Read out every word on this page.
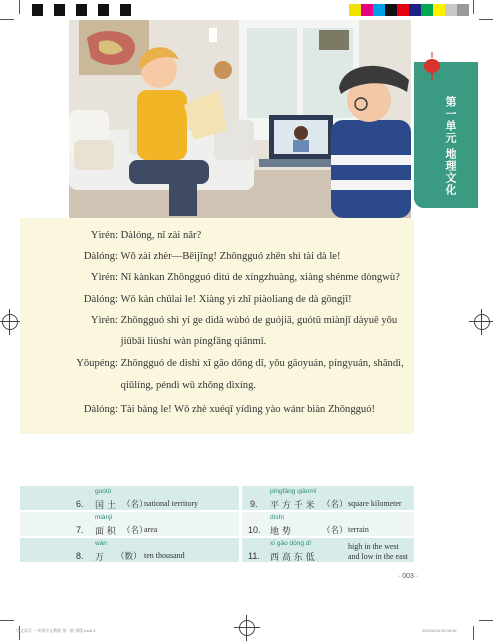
第一单元 地理文化
Yìrén: Dàlóng, nǐ zài nǎr?
Dàlóng: Wǒ zài zhèr—Běijīng! Zhōngguó zhēn shì tài dà le!
Yìrén: Nǐ kànkan Zhōngguó dìtú de xíngzhuàng, xiàng shénme dòngwù?
Dàlóng: Wǒ kàn chūlai le! Xiàng yì zhī piàoliang de dà gōngjī!
Yìrén: Zhōngguó shì yí ge dìdà wùbó de guójiā, guótǔ miànjī dàyuē yǒu
jiǔbǎi liùshí wàn píngfāng qiānmǐ.
Yǒupéng: Zhōngguó de dìshì xī gāo dōng dī, yǒu gāoyuán, píngyuán, shāndì,
qiūlíng, péndì wǔ zhǒng dìxíng.
Dàlóng: Tài bàng le! Wǒ zhè xuéqī yídìng yào wánr biàn Zhōngguó!
6.
guótǔ
国 土 （名）
national territory
7.
miànjī
面 积 （名）
area
8.
wàn
万 （数） ten thousand
9.
píngfāng qiānmǐ
平 方 千 米 （名） square kilometer
10.
dìshì
地 势	（名） terrain
11.
xī gāo dōng dī
西 高 东 低
high in the west
and low in the east
· 003 ·
中文读写 一年级中文教程 第一册 排版.indd 3	2019/6/26 20:06:36
